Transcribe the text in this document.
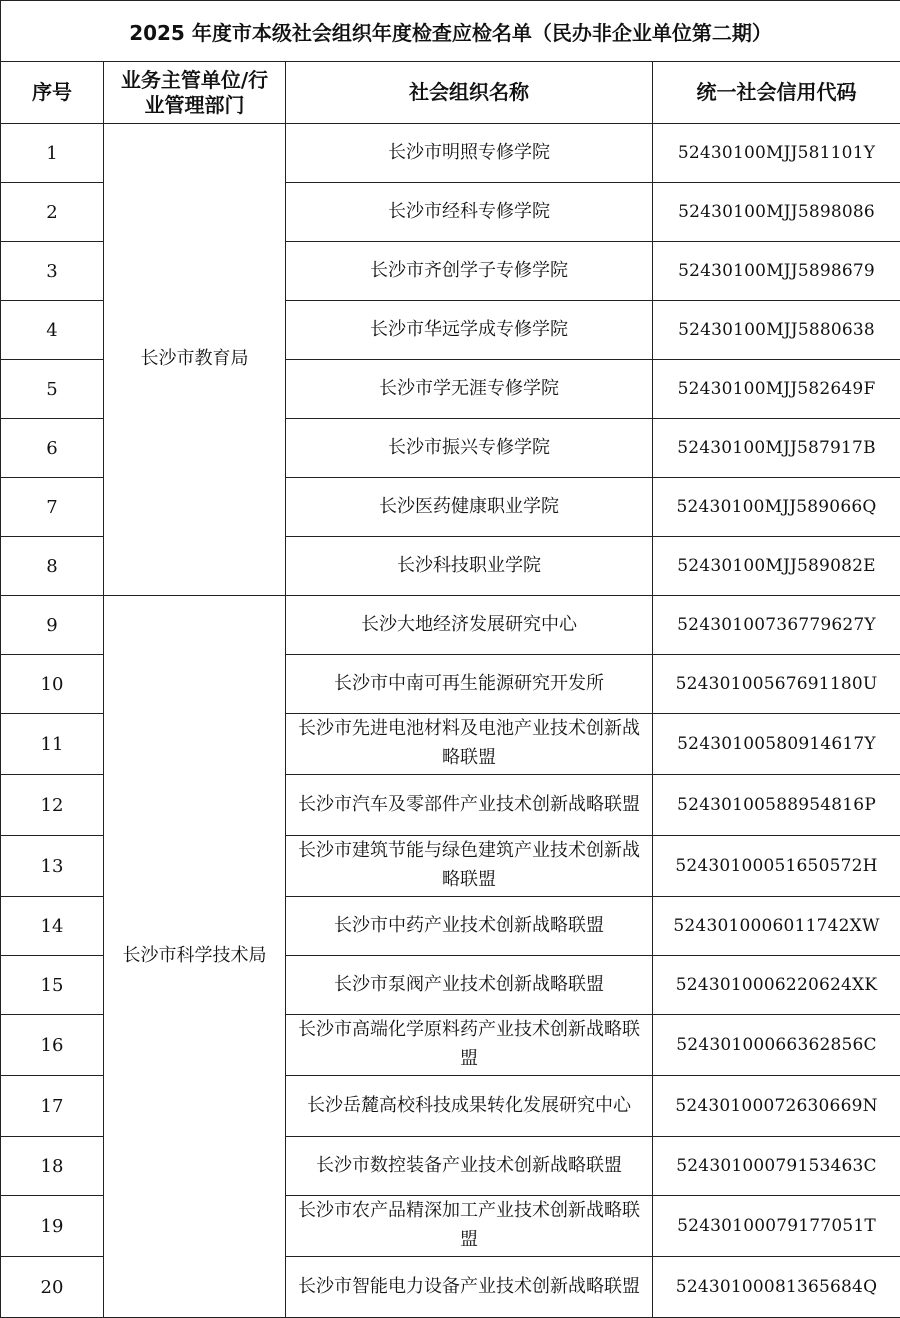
2025 年度市本级社会组织年度检查应检名单（民办非企业单位第二期）			
序号	业务主管单位/行业管理部门	社会组织名称	统一社会信用代码
1	长沙市教育局	长沙市明照专修学院	52430100MJJ581101Y
2		长沙市经科专修学院	52430100MJJ5898086
3		长沙市齐创学子专修学院	52430100MJJ5898679
4		长沙市华远学成专修学院	52430100MJJ5880638
5		长沙市学无涯专修学院	52430100MJJ582649F
6		长沙市振兴专修学院	52430100MJJ587917B
7		长沙医药健康职业学院	52430100MJJ589066Q
8		长沙科技职业学院	52430100MJJ589082E
9	长沙市科学技术局	长沙大地经济发展研究中心	52430100736779627Y
10		长沙市中南可再生能源研究开发所	52430100567691180U
11		长沙市先进电池材料及电池产业技术创新战略联盟	52430100580914617Y
12		长沙市汽车及零部件产业技术创新战略联盟	52430100588954816P
13		长沙市建筑节能与绿色建筑产业技术创新战略联盟	52430100051650572H
14		长沙市中药产业技术创新战略联盟	5243010006011742XW
15		长沙市泵阀产业技术创新战略联盟	5243010006220624XK
16		长沙市高端化学原料药产业技术创新战略联盟	52430100066362856C
17		长沙岳麓高校科技成果转化发展研究中心	52430100072630669N
18		长沙市数控装备产业技术创新战略联盟	52430100079153463C
19		长沙市农产品精深加工产业技术创新战略联盟	52430100079177051T
20		长沙市智能电力设备产业技术创新战略联盟	52430100081365684Q
